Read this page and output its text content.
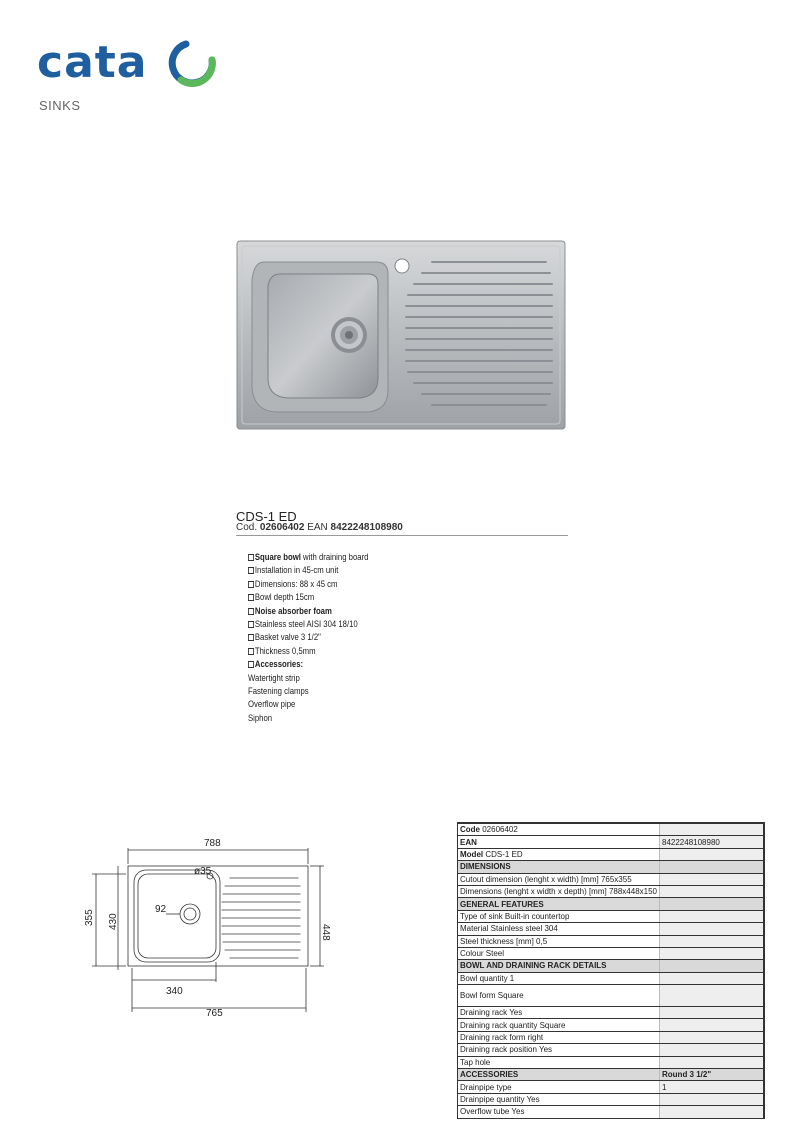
cata
SINKS
CDS-1 ED
Cod. 02606402 EAN 8422248108980
Square bowl with draining board
Installation in 45-cm unit
Dimensions: 88 x 45 cm
Bowl depth 15cm
Noise absorber foam
Stainless steel AISI 304 18/10
Basket valve 3 1/2"
Thickness 0,5mm
Accessories:
Watertight strip
Fastening clamps
Overflow pipe
Siphon
788
ø35
92
355 430
448
340
765
Code 02606402	
EAN	8422248108980
Model CDS-1 ED	
DIMENSIONS	
Cutout dimension (lenght x width) [mm] 765x355	
Dimensions (lenght x width x depth) [mm] 788x448x150	
GENERAL FEATURES	
Type of sink Built-in countertop	
Material Stainless steel 304	
Steel thickness [mm] 0,5	
Colour Steel	
BOWL AND DRAINING RACK DETAILS	
Bowl quantity 1	
Bowl form Square	
Draining rack Yes	
Draining rack quantity Square	
Draining rack form right	
Draining rack position Yes	
Tap hole	
ACCESSORIES	Round 3 1/2"
Drainpipe type	1
Drainpipe quantity Yes	
Overflow tube Yes	
